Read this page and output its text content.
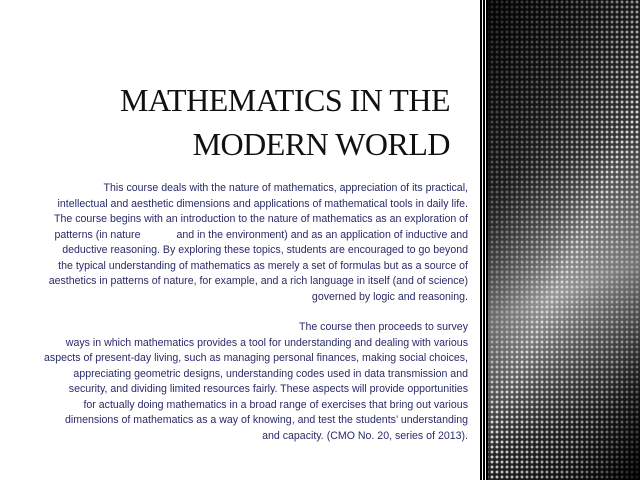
MATHEMATICS IN THE
MODERN WORLD
This course deals with the nature of mathematics, appreciation of its practical,
intellectual and aesthetic dimensions and applications of mathematical tools in daily life.
The course begins with an introduction to the nature of mathematics as an exploration of
patterns (in nature	and in the environment) and as an application of inductive and
deductive reasoning. By exploring these topics, students are encouraged to go beyond
the typical understanding of mathematics as merely a set of formulas but as a source of
aesthetics in patterns of nature, for example, and a rich language in itself (and of science)
governed by logic and reasoning.
The course then proceeds to survey
ways in which mathematics provides a tool for understanding and dealing with various
aspects of present-day living, such as managing personal finances, making social choices,
appreciating geometric designs, understanding codes used in data transmission and
security, and dividing limited resources fairly. These aspects will provide opportunities
for actually doing mathematics in a broad range of exercises that bring out various
dimensions of mathematics as a way of knowing, and test the students’ understanding
and capacity. (CMO No. 20, series of 2013).
